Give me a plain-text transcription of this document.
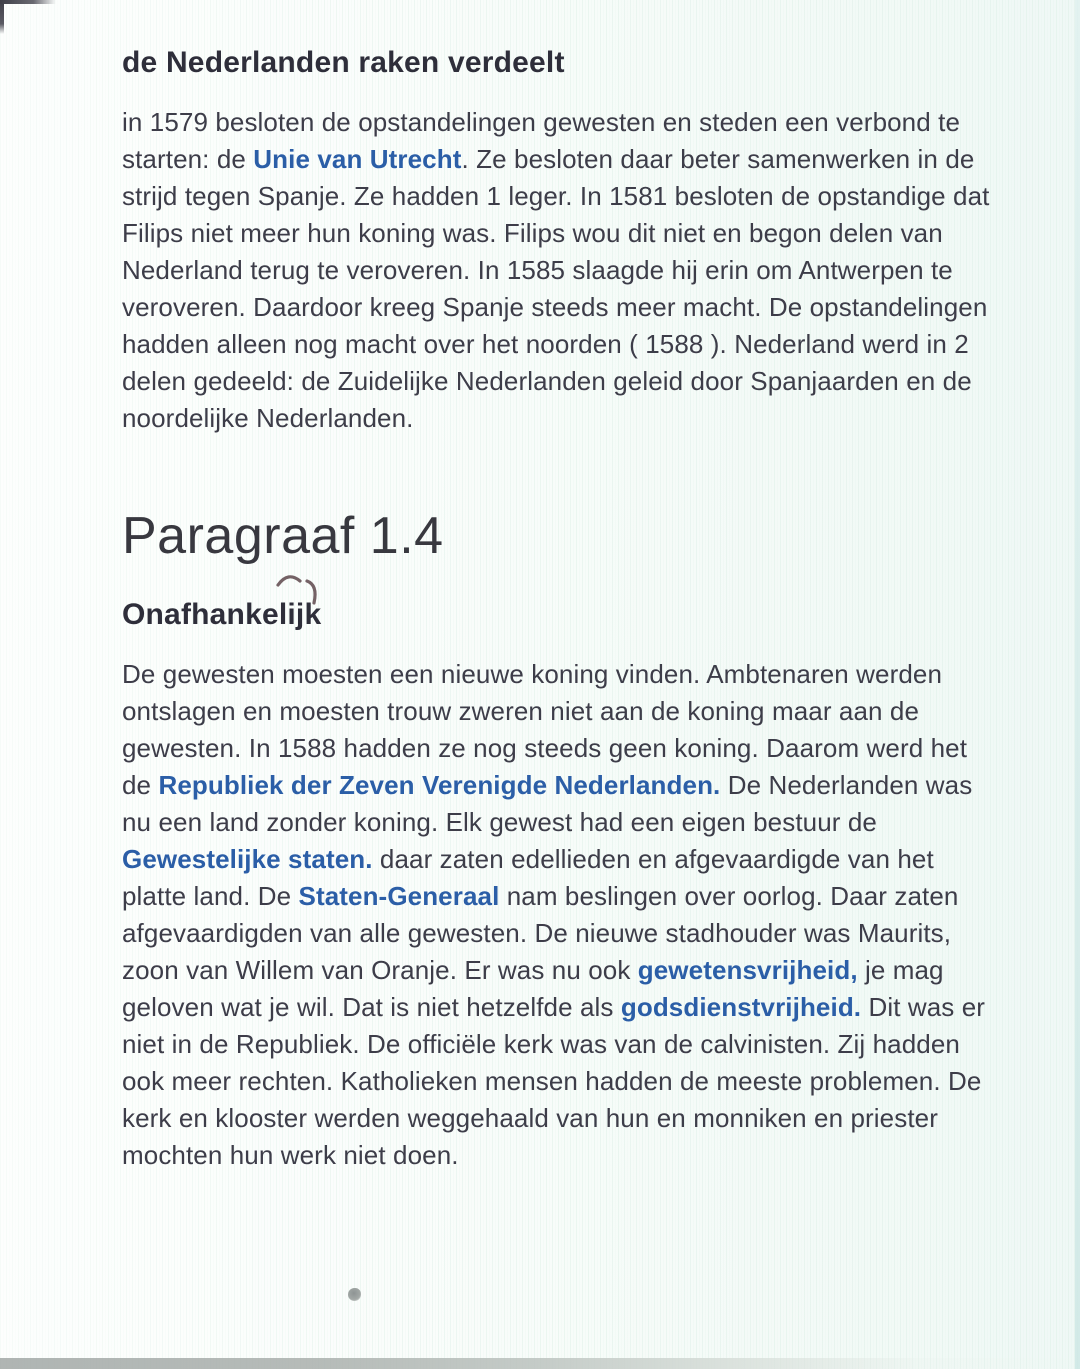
de Nederlanden raken verdeelt

in 1579 besloten de opstandelingen gewesten en steden een verbond te starten: de Unie van Utrecht. Ze besloten daar beter samenwerken in de strijd tegen Spanje. Ze hadden 1 leger. In 1581 besloten de opstandige dat Filips niet meer hun koning was. Filips wou dit niet en begon delen van Nederland terug te veroveren. In 1585 slaagde hij erin om Antwerpen te veroveren. Daardoor kreeg Spanje steeds meer macht. De opstandelingen hadden alleen nog macht over het noorden ( 1588 ). Nederland werd in 2 delen gedeeld: de Zuidelijke Nederlanden geleid door Spanjaarden en de noordelijke Nederlanden.

Paragraaf 1.4
Onafhankelijk

De gewesten moesten een nieuwe koning vinden. Ambtenaren werden ontslagen en moesten trouw zweren niet aan de koning maar aan de gewesten. In 1588 hadden ze nog steeds geen koning. Daarom werd het de Republiek der Zeven Verenigde Nederlanden. De Nederlanden was nu een land zonder koning. Elk gewest had een eigen bestuur de Gewestelijke staten. daar zaten edellieden en afgevaardigde van het platte land. De Staten-Generaal nam beslingen over oorlog. Daar zaten afgevaardigden van alle gewesten. De nieuwe stadhouder was Maurits, zoon van Willem van Oranje. Er was nu ook gewetensvrijheid, je mag geloven wat je wil. Dat is niet hetzelfde als godsdienstvrijheid. Dit was er niet in de Republiek. De officiële kerk was van de calvinisten. Zij hadden ook meer rechten. Katholieken mensen hadden de meeste problemen. De kerk en klooster werden weggehaald van hun en monniken en priester mochten hun werk niet doen.
